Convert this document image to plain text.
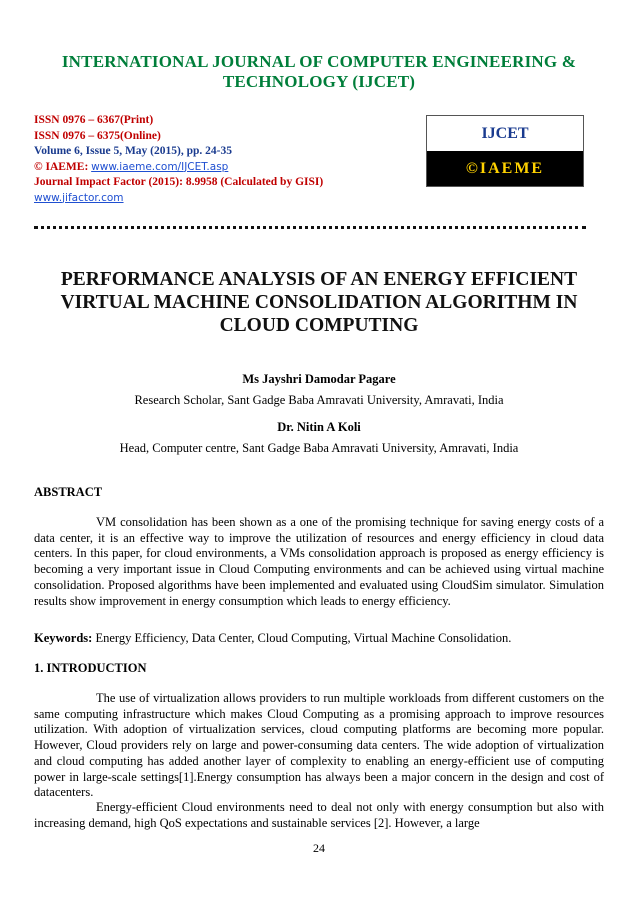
INTERNATIONAL JOURNAL OF COMPUTER ENGINEERING & TECHNOLOGY (IJCET)
ISSN 0976 – 6367(Print)
ISSN 0976 – 6375(Online)
Volume 6, Issue 5, May (2015), pp. 24-35
© IAEME: www.iaeme.com/IJCET.asp
Journal Impact Factor (2015): 8.9958 (Calculated by GISI)
www.jifactor.com
IJCET
©IAEME
PERFORMANCE ANALYSIS OF AN ENERGY EFFICIENT VIRTUAL MACHINE CONSOLIDATION ALGORITHM IN CLOUD COMPUTING
Ms Jayshri Damodar Pagare
Research Scholar, Sant Gadge Baba Amravati University, Amravati, India
Dr. Nitin A Koli
Head, Computer centre, Sant Gadge Baba Amravati University, Amravati, India
ABSTRACT
VM consolidation has been shown as a one of the promising technique for saving energy costs of a data center, it is an effective way to improve the utilization of resources and energy efficiency in cloud data centers. In this paper, for cloud environments, a VMs consolidation approach is proposed as energy efficiency is becoming a very important issue in Cloud Computing environments and can be achieved using virtual machine consolidation. Proposed algorithms have been implemented and evaluated using CloudSim simulator. Simulation results show improvement in energy consumption which leads to energy efficiency.
Keywords: Energy Efficiency, Data Center, Cloud Computing, Virtual Machine Consolidation.
1. INTRODUCTION
The use of virtualization allows providers to run multiple workloads from different customers on the same computing infrastructure which makes Cloud Computing as a promising approach to improve resources utilization. With adoption of virtualization services, cloud computing platforms are becoming more popular. However, Cloud providers rely on large and power-consuming data centers. The wide adoption of virtualization and cloud computing has added another layer of complexity to enabling an energy-efficient use of computing power in large-scale settings[1].Energy consumption has always been a major concern in the design and cost of datacenters.
Energy-efficient Cloud environments need to deal not only with energy consumption but also with increasing demand, high QoS expectations and sustainable services [2]. However, a large
24
